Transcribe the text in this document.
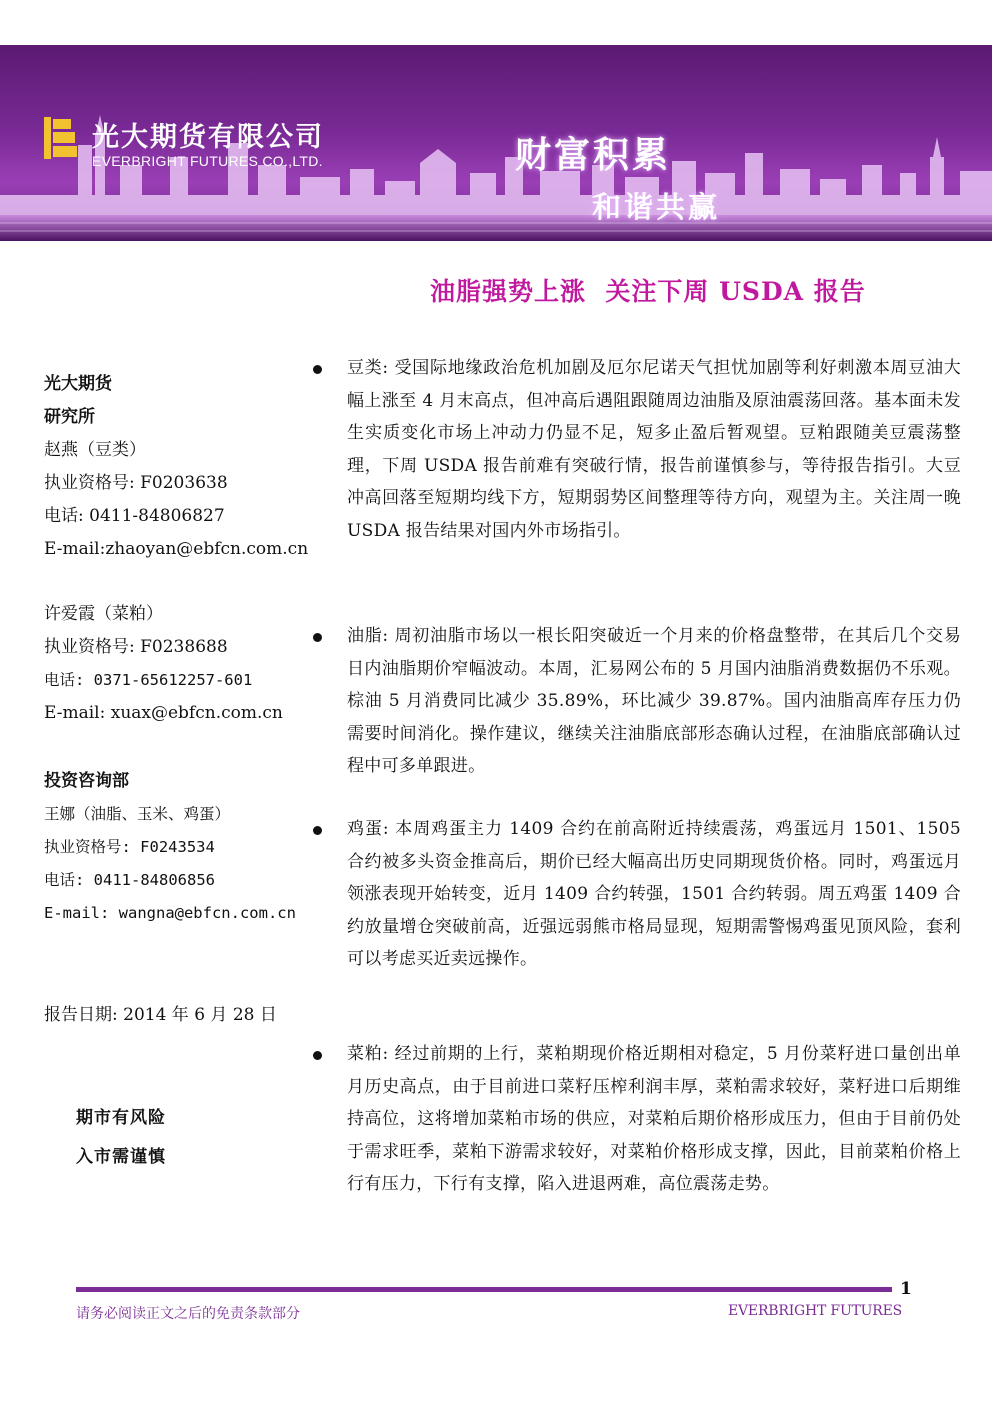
光大期货有限公司
EVERBRIGHT FUTURES CO.,LTD.	财富积累
和谐共赢
油脂强势上涨  关注下周 USDA 报告
光大期货
研究所
赵燕（豆类）
执业资格号: F0203638
电话: 0411-84806827
E-mail:zhaoyan@ebfcn.com.cn
许爱霞（菜粕）
执业资格号: F0238688
电话: 0371-65612257-601
E-mail: xuax@ebfcn.com.cn
投资咨询部
王娜（油脂、玉米、鸡蛋）
执业资格号: F0243534
电话: 0411-84806856
E-mail: wangna@ebfcn.com.cn
报告日期: 2014 年 6 月 28 日
期市有风险
入市需谨慎
豆类: 受国际地缘政治危机加剧及厄尔尼诺天气担忧加剧等利好刺激本周豆油大幅上涨至 4 月末高点，但冲高后遇阻跟随周边油脂及原油震荡回落。基本面未发生实质变化市场上冲动力仍显不足，短多止盈后暂观望。豆粕跟随美豆震荡整理，下周 USDA 报告前难有突破行情，报告前谨慎参与，等待报告指引。大豆冲高回落至短期均线下方，短期弱势区间整理等待方向，观望为主。关注周一晚 USDA 报告结果对国内外市场指引。
油脂: 周初油脂市场以一根长阳突破近一个月来的价格盘整带，在其后几个交易日内油脂期价窄幅波动。本周，汇易网公布的 5 月国内油脂消费数据仍不乐观。棕油 5 月消费同比减少 35.89%，环比减少 39.87%。国内油脂高库存压力仍需要时间消化。操作建议，继续关注油脂底部形态确认过程，在油脂底部确认过程中可多单跟进。
鸡蛋: 本周鸡蛋主力 1409 合约在前高附近持续震荡，鸡蛋远月 1501、1505 合约被多头资金推高后，期价已经大幅高出历史同期现货价格。同时，鸡蛋远月领涨表现开始转变，近月 1409 合约转强，1501 合约转弱。周五鸡蛋 1409 合约放量增仓突破前高，近强远弱熊市格局显现，短期需警惕鸡蛋见顶风险，套利可以考虑买近卖远操作。
菜粕: 经过前期的上行，菜粕期现价格近期相对稳定，5 月份菜籽进口量创出单月历史高点，由于目前进口菜籽压榨利润丰厚，菜粕需求较好，菜籽进口后期维持高位，这将增加菜粕市场的供应，对菜粕后期价格形成压力，但由于目前仍处于需求旺季，菜粕下游需求较好，对菜粕价格形成支撑，因此，目前菜粕价格上行有压力，下行有支撑，陷入进退两难，高位震荡走势。
1
请务必阅读正文之后的免责条款部分	EVERBRIGHT FUTURES
